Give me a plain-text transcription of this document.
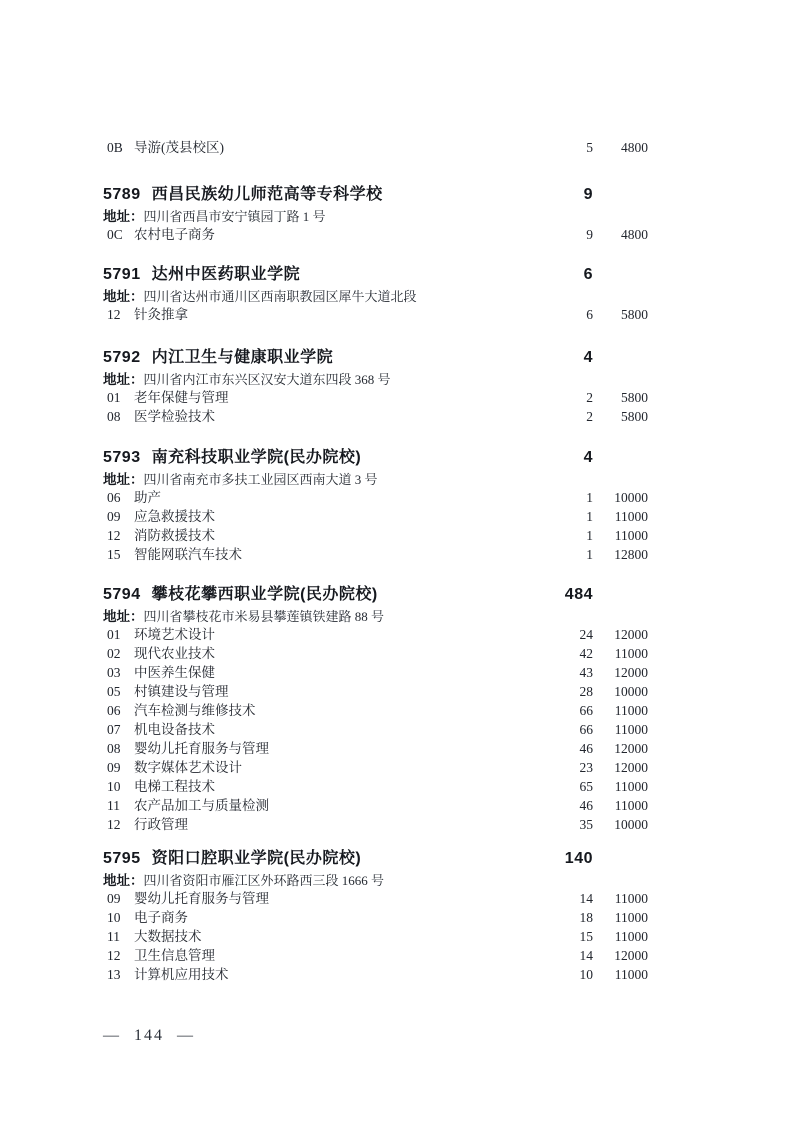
0B 导游(茂县校区)	5	4800
5789 西昌民族幼儿师范高等专科学校	9
地址： 四川省西昌市安宁镇园丁路 1 号
0C 农村电子商务	9	4800
5791 达州中医药职业学院	6
地址： 四川省达州市通川区西南职教园区犀牛大道北段
12	针灸推拿	6	5800
5792 内江卫生与健康职业学院	4
地址： 四川省内江市东兴区汉安大道东四段 368 号
01	老年保健与管理	2	5800
08	医学检验技术	2	5800
5793 南充科技职业学院(民办院校)	4
地址： 四川省南充市多扶工业园区西南大道 3 号
06	助产	1	10000
09	应急救援技术	1	11000
12	消防救援技术	1	11000
15	智能网联汽车技术	1	12800
5794 攀枝花攀西职业学院(民办院校)	484
地址： 四川省攀枝花市米易县攀莲镇铁建路 88 号
01	环境艺术设计	24	12000
02	现代农业技术	42	11000
03	中医养生保健	43	12000
05	村镇建设与管理	28	10000
06	汽车检测与维修技术	66	11000
07	机电设备技术	66	11000
08	婴幼儿托育服务与管理	46	12000
09	数字媒体艺术设计	23	12000
10	电梯工程技术	65	11000
11	农产品加工与质量检测	46	11000
12	行政管理	35	10000
5795 资阳口腔职业学院(民办院校)	140
地址： 四川省资阳市雁江区外环路西三段 1666 号
09	婴幼儿托育服务与管理	14	11000
10	电子商务	18	11000
11	大数据技术	15	11000
12	卫生信息管理	14	12000
13	计算机应用技术	10	11000
— 144 —
